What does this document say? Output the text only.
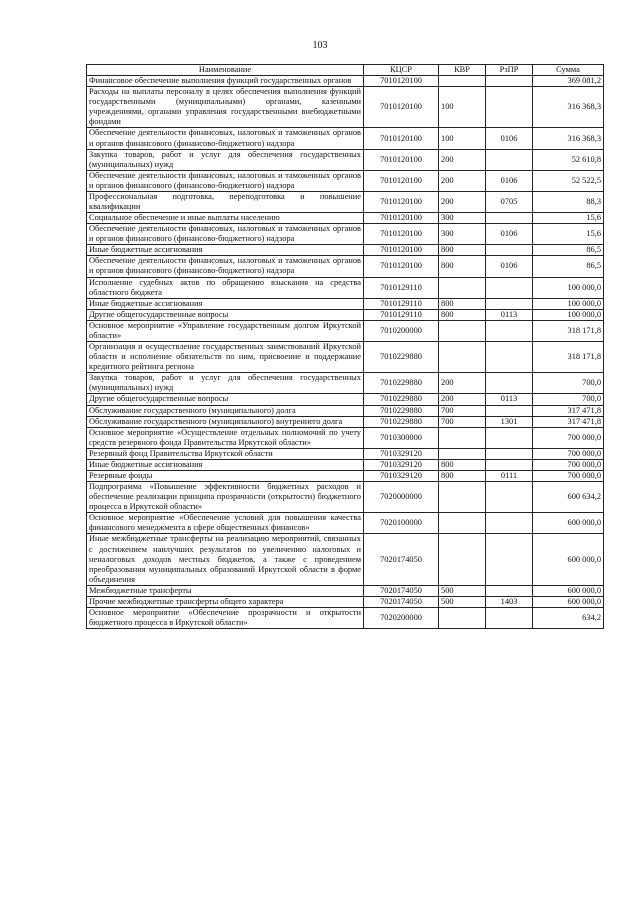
103
Наименование	КЦСР	КВР	РзПР	Сумма
Финансовое обеспечение выполнения функций государственных органов	7010120100			369 081,2
Расходы на выплаты персоналу в целях обеспечения выполнения функций государственными (муниципальными) органами, казенными учреждениями, органами управления государственными внебюджетными фондами	7010120100	100		316 368,3
Обеспечение деятельности финансовых, налоговых и таможенных органов и органов финансового (финансово-бюджетного) надзора	7010120100	100	0106	316 368,3
Закупка товаров, работ и услуг для обеспечения государственных (муниципальных) нужд	7010120100	200		52 610,8
Обеспечение деятельности финансовых, налоговых и таможенных органов и органов финансового (финансово-бюджетного) надзора	7010120100	200	0106	52 522,5
Профессиональная подготовка, переподготовка и повышение квалификации	7010120100	200	0705	88,3
Социальное обеспечение и иные выплаты населению	7010120100	300		15,6
Обеспечение деятельности финансовых, налоговых и таможенных органов и органов финансового (финансово-бюджетного) надзора	7010120100	300	0106	15,6
Иные бюджетные ассигнования	7010120100	800		86,5
Обеспечение деятельности финансовых, налоговых и таможенных органов и органов финансового (финансово-бюджетного) надзора	7010120100	800	0106	86,5
Исполнение судебных актов по обращению взыскания на средства областного бюджета	7010129110			100 000,0
Иные бюджетные ассигнования	7010129110	800		100 000,0
Другие общегосударственные вопросы	7010129110	800	0113	100 000,0
Основное мероприятие «Управление государственным долгом Иркутской области»	7010200000			318 171,8
Организация и осуществление государственных заимствований Иркутской области и исполнение обязательств по ним, присвоение и поддержание кредитного рейтинга региона	7010229880			318 171,8
Закупка товаров, работ и услуг для обеспечения государственных (муниципальных) нужд	7010229880	200		700,0
Другие общегосударственные вопросы	7010229880	200	0113	700,0
Обслуживание государственного (муниципального) долга	7010229880	700		317 471,8
Обслуживание государственного (муниципального) внутреннего долга	7010229880	700	1301	317 471,8
Основное мероприятие «Осуществление отдельных полномочий по учету средств резервного фонда Правительства Иркутской области»	7010300000			700 000,0
Резервный фонд Правительства Иркутской области	7010329120			700 000,0
Иные бюджетные ассигнования	7010329120	800		700 000,0
Резервные фонды	7010329120	800	0111	700 000,0
Подпрограмма «Повышение эффективности бюджетных расходов и обеспечение реализации принципа прозрачности (открытости) бюджетного процесса в Иркутской области»	7020000000			600 634,2
Основное мероприятие «Обеспечение условий для повышения качества финансового менеджмента в сфере общественных финансов»	7020100000			600 000,0
Иные межбюджетные трансферты на реализацию мероприятий, связанных с достижением наилучших результатов по увеличению налоговых и неналоговых доходов местных бюджетов, а также с проведением преобразования муниципальных образований Иркутской области в форме объединения	7020174050			600 000,0
Межбюджетные трансферты	7020174050	500		600 000,0
Прочие межбюджетные трансферты общего характера	7020174050	500	1403	600 000,0
Основное мероприятие «Обеспечение прозрачности и открытости бюджетного процесса в Иркутской области»	7020200000			634,2
